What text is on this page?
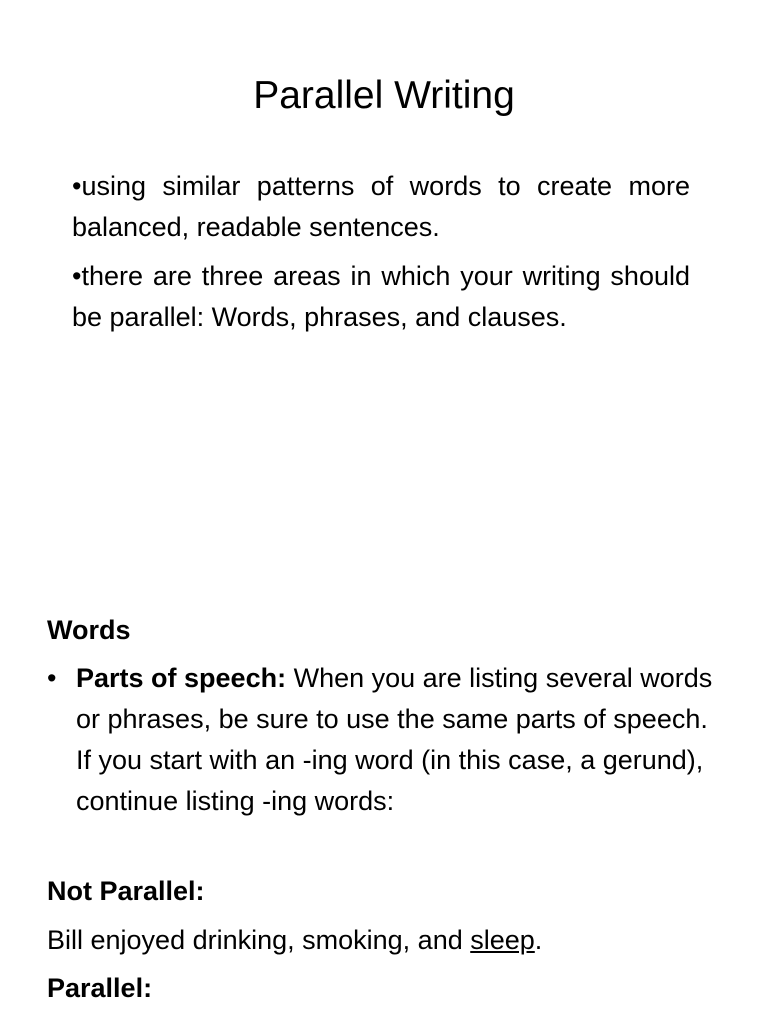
Parallel Writing

•using similar patterns of words to create more balanced, readable sentences.

•there are three areas in which your writing should be parallel: Words, phrases, and clauses.

Words

• Parts of speech: When you are listing several words or phrases, be sure to use the same parts of speech. If you start with an -ing word (in this case, a gerund), continue listing -ing words:

Not Parallel:

Bill enjoyed drinking, smoking, and sleep.

Parallel:
